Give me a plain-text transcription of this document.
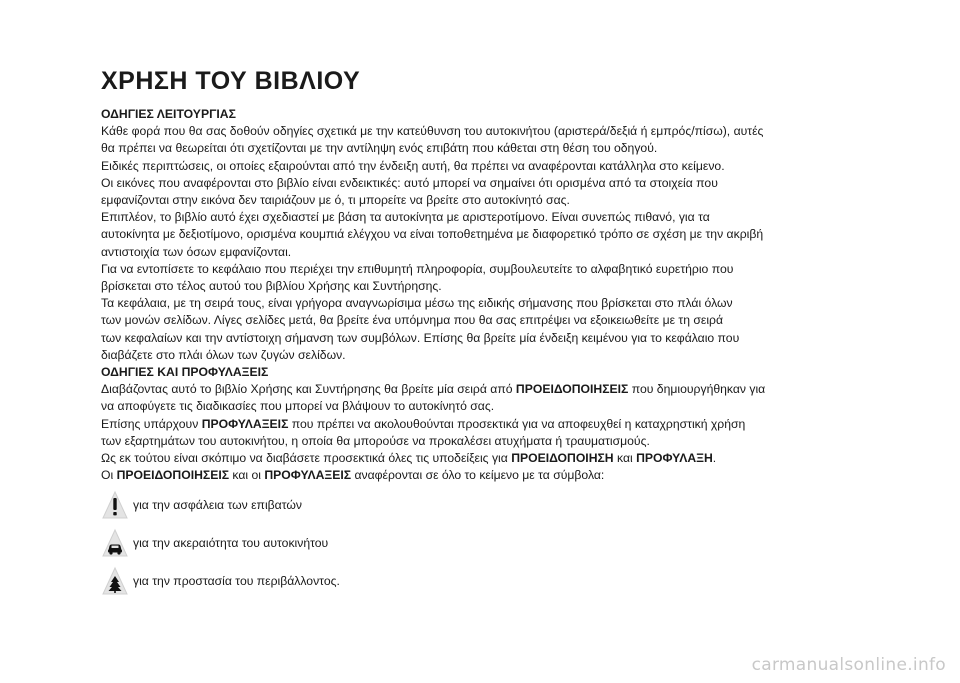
ΧΡΗΣΗ ΤΟΥ ΒΙΒΛΙΟΥ

ΟΔΗΓΙΕΣ ΛΕΙΤΟΥΡΓΙΑΣ

Κάθε φορά που θα σας δοθούν οδηγίες σχετικά με την κατεύθυνση του αυτοκινήτου (αριστερά/δεξιά ή εμπρός/πίσω), αυτές
θα πρέπει να θεωρείται ότι σχετίζονται με την αντίληψη ενός επιβάτη που κάθεται στη θέση του οδηγού.
Ειδικές περιπτώσεις, οι οποίες εξαιρούνται από την ένδειξη αυτή, θα πρέπει να αναφέρονται κατάλληλα στο κείμενο.
Οι εικόνες που αναφέρονται στο βιβλίο είναι ενδεικτικές: αυτό μπορεί να σημαίνει ότι ορισμένα από τα στοιχεία που
εμφανίζονται στην εικόνα δεν ταιριάζουν με ό, τι μπορείτε να βρείτε στο αυτοκίνητό σας.
Επιπλέον, το βιβλίο αυτό έχει σχεδιαστεί με βάση τα αυτοκίνητα με αριστεροτίμονο. Είναι συνεπώς πιθανό, για τα
αυτοκίνητα με δεξιοτίμονο, ορισμένα κουμπιά ελέγχου να είναι τοποθετημένα με διαφορετικό τρόπο σε σχέση με την ακριβή
αντιστοιχία των όσων εμφανίζονται.
Για να εντοπίσετε το κεφάλαιο που περιέχει την επιθυμητή πληροφορία, συμβουλευτείτε το αλφαβητικό ευρετήριο που
βρίσκεται στο τέλος αυτού του βιβλίου Χρήσης και Συντήρησης.
Τα κεφάλαια, με τη σειρά τους, είναι γρήγορα αναγνωρίσιμα μέσω της ειδικής σήμανσης που βρίσκεται στο πλάι όλων
των μονών σελίδων. Λίγες σελίδες μετά, θα βρείτε ένα υπόμνημα που θα σας επιτρέψει να εξοικειωθείτε με τη σειρά
των κεφαλαίων και την αντίστοιχη σήμανση των συμβόλων. Επίσης θα βρείτε μία ένδειξη κειμένου για το κεφάλαιο που
διαβάζετε στο πλάι όλων των ζυγών σελίδων.

ΟΔΗΓΙΕΣ ΚΑΙ ΠΡΟΦΥΛΑΞΕΙΣ

Διαβάζοντας αυτό το βιβλίο Χρήσης και Συντήρησης θα βρείτε μία σειρά από ΠΡΟΕΙΔΟΠΟΙΗΣΕΙΣ που δημιουργήθηκαν για
να αποφύγετε τις διαδικασίες που μπορεί να βλάψουν το αυτοκίνητό σας.

Επίσης υπάρχουν ΠΡΟΦΥΛΑΞΕΙΣ που πρέπει να ακολουθούνται προσεκτικά για να αποφευχθεί η καταχρηστική χρήση
των εξαρτημάτων του αυτοκινήτου, η οποία θα μπορούσε να προκαλέσει ατυχήματα ή τραυματισμούς.

Ως εκ τούτου είναι σκόπιμο να διαβάσετε προσεκτικά όλες τις υποδείξεις για ΠΡΟΕΙΔΟΠΟΙΗΣΗ και ΠΡΟΦΥΛΑΞΗ.

Οι ΠΡΟΕΙΔΟΠΟΙΗΣΕΙΣ και οι ΠΡΟΦΥΛΑΞΕΙΣ αναφέρονται σε όλο το κείμενο με τα σύμβολα:

για την ασφάλεια των επιβατών
για την ακεραιότητα του αυτοκινήτου
για την προστασία του περιβάλλοντος.
carmanualsonline.info
